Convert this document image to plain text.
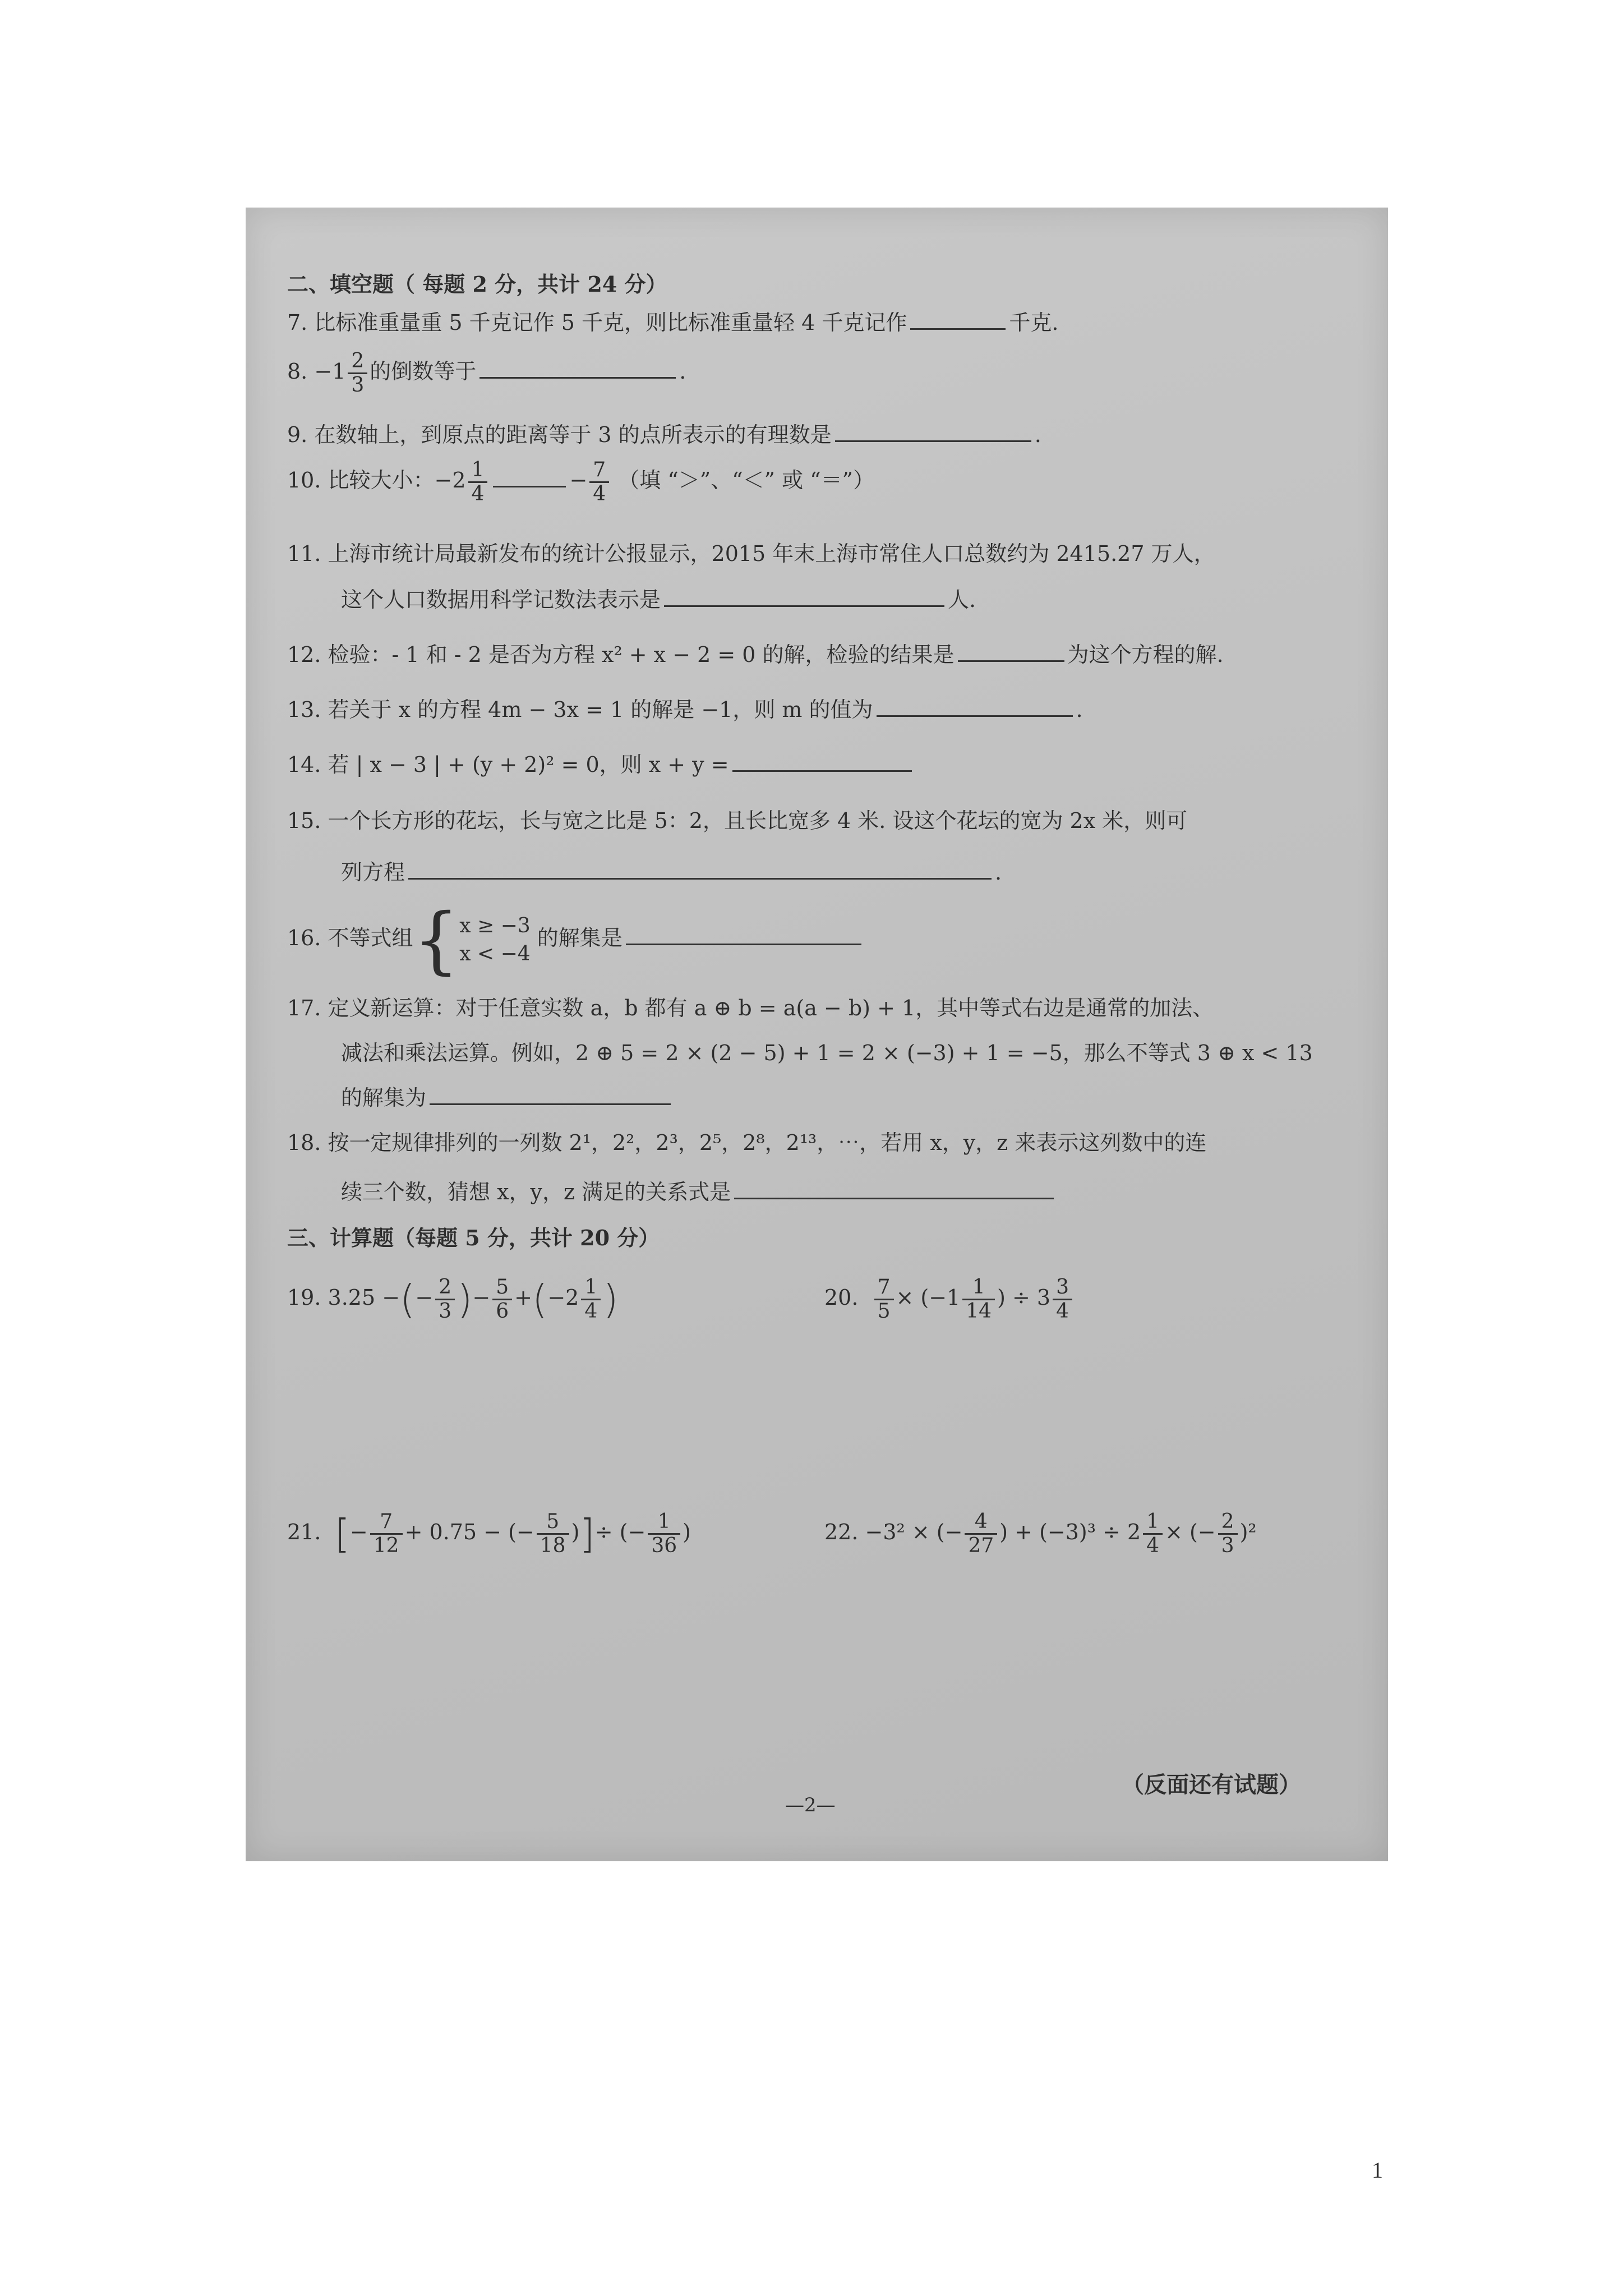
二、填空题（ 每题 2 分，共计 24 分）
7. 比标准重量重 5 千克记作 5 千克，则比标准重量轻 4 千克记作	千克.
8. $-1 \frac{2}{3}$ 的倒数等于	.
9. 在数轴上，到原点的距离等于 3 的点所表示的有理数是	.
10. 比较大小：$-2 \frac{1}{4}$	− $\frac{7}{4}$ （填 “＞”、“＜” 或 “＝”）
11. 上海市统计局最新发布的统计公报显示，2015 年末上海市常住人口总数约为 2415.27 万人，
这个人口数据用科学记数法表示是	人.
12. 检验：- 1 和 - 2 是否为方程 x² + x − 2 = 0 的解，检验的结果是	为这个方程的解.
13. 若关于 x 的方程 4m − 3x = 1 的解是 −1，则 m 的值为	.
14. 若 | x − 3 | + (y + 2)² = 0，则 x + y =
15. 一个长方形的花坛，长与宽之比是 5：2，且长比宽多 4 米. 设这个花坛的宽为 2x 米，则可
列方程	.
16. 不等式组{ x ≥ −3
x < −4
的解集是
17. 定义新运算：对于任意实数 a，b 都有 a ⊕ b = a(a − b) + 1，其中等式右边是通常的加法、
减法和乘法运算。例如，2 ⊕ 5 = 2 × (2 − 5) + 1 = 2 × (−3) + 1 = −5，那么不等式 3 ⊕ x < 13
的解集为
18. 按一定规律排列的一列数 2¹，2²，2³，2⁵，2⁸，2¹³，⋯，若用 x，y，z 来表示这列数中的连
续三个数，猜想 x，y，z 满足的关系式是
三、计算题（每题 5 分，共计 20 分）
19. 3.25 −(− $\frac{2}{3}$ )− $\frac{5}{6} +(-2 \frac{1}{4}$ )	20. $\frac{7}{5} \times (-1 \frac{1}{14}$ ) ÷ $3 \frac{3}{4}$
21. [− $\frac{7}{12} + 0.75$ − (− $\frac{5}{18}$ )]÷ (− $\frac{1}{36}$ )	22. −3² × (− $\frac{4}{27}$ ) + $(-3)^3 \div 2 \frac{1}{4}$ × (− $\frac{2}{3} )^2$
（反面还有试题）
—2—
1
